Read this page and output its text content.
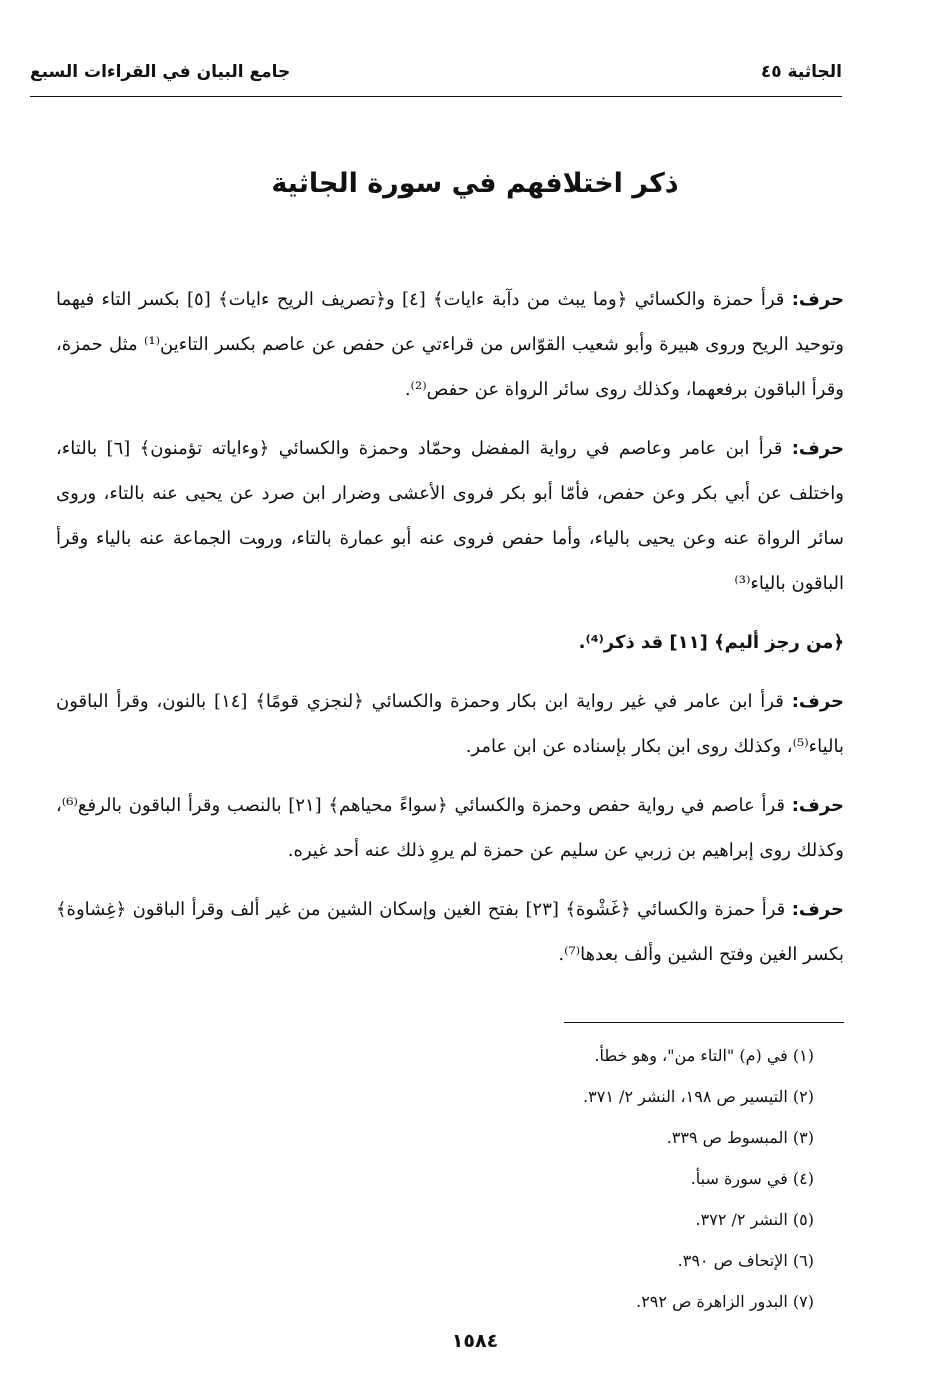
الجاثية ٤٥
جامع البيان في القراءات السبع
ذكر اختلافهم في سورة الجاثية

حرف: قرأ حمزة والكسائي ﴿وما يبث من دآبة ءايات﴾ [٤] و﴿تصريف الريح ءايات﴾ [٥] بكسر التاء فيهما وتوحيد الريح وروى هبيرة وأبو شعيب القوّاس من قراءتي عن حفص عن عاصم بكسر التاءين⁽¹⁾ مثل حمزة، وقرأ الباقون برفعهما، وكذلك روى سائر الرواة عن حفص⁽²⁾.

حرف: قرأ ابن عامر وعاصم في رواية المفضل وحمّاد وحمزة والكسائي ﴿وءاياته تؤمنون﴾ [٦] بالتاء، واختلف عن أبي بكر وعن حفص، فأمّا أبو بكر فروى الأعشى وضرار ابن صرد عن يحيى عنه بالتاء، وروى سائر الرواة عنه وعن يحيى بالياء، وأما حفص فروى عنه أبو عمارة بالتاء، ورو‍ت الجماعة عنه بالياء وقرأ الباقون بالياء⁽³⁾

﴿من رجز أليم﴾ [١١] قد ذكر⁽⁴⁾.

حرف: قرأ ابن عامر في غير رواية ابن بكار وحمزة والكسائي ﴿لنجزي قومًا﴾ [١٤] بالنون، وقرأ الباقون بالياء⁽⁵⁾، وكذلك روى ابن بكار بإسناده عن ابن عامر.

حرف: قرأ عاصم في رواية حفص وحمزة والكسائي ﴿سواءً محياهم﴾ [٢١] بالنصب وقرأ الباقون بالرفع⁽⁶⁾، وكذلك روى إبراهيم بن زربي عن سليم عن حمزة لم يروِ ذلك عنه أحد غيره.

حرف: قرأ حمزة والكسائي ﴿غَشْوة﴾ [٢٣] بفتح الغين وإسكان الشين من غير ألف وقرأ الباقون ﴿غِشاوة﴾ بكسر الغين وفتح الشين وألف بعدها⁽⁷⁾.

(١) في (م) "التاء من"، وهو خطأ.
(٢) التيسير ص ١٩٨، النشر ٢/ ٣٧١.
(٣) المبسوط ص ٣٣٩.
(٤) في سورة سبأ.
(٥) النشر ٢/ ٣٧٢.
(٦) الإتحاف ص ٣٩٠.
(٧) البدور الزاهرة ص ٢٩٢.
١٥٨٤
